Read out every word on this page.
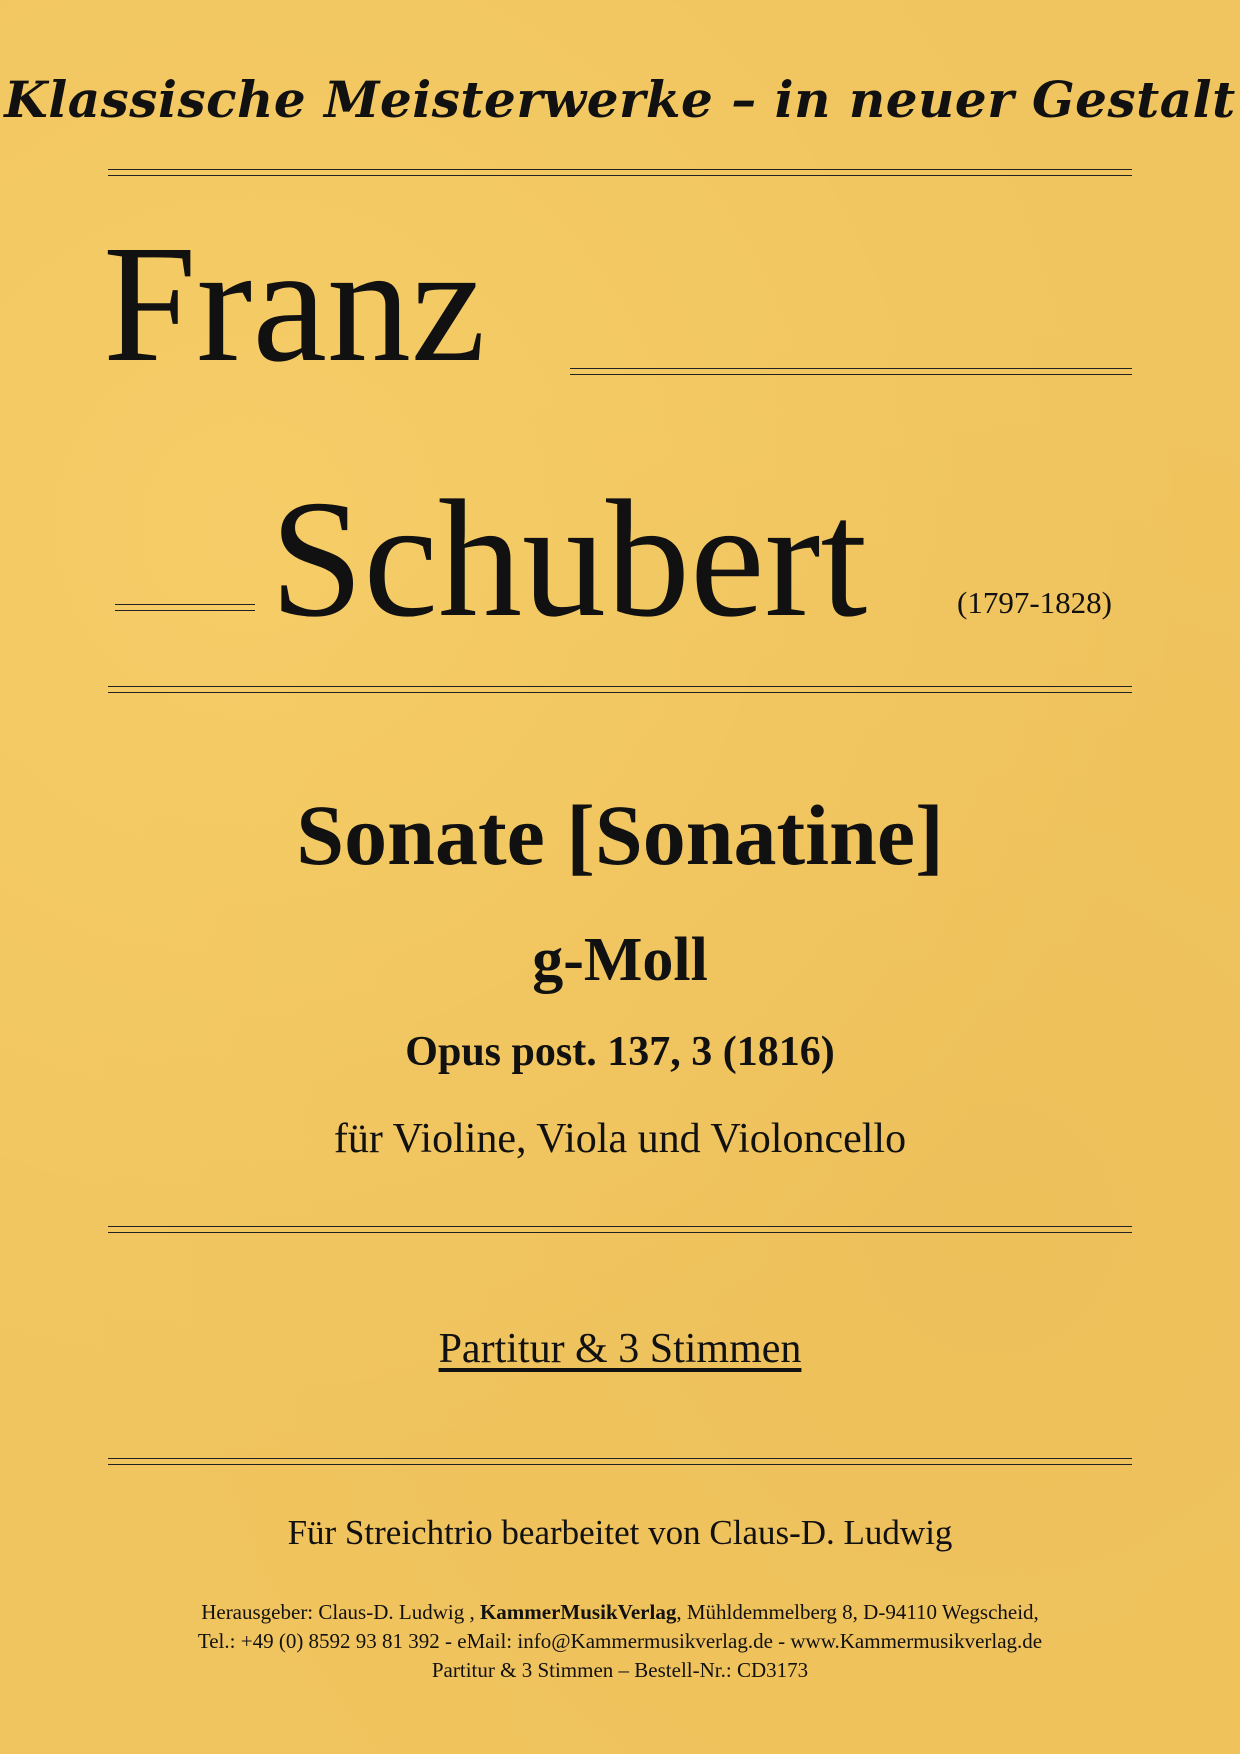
Klassische Meisterwerke – in neuer Gestalt
Franz
Schubert	(1797-1828)
Sonate [Sonatine]
g-Moll
Opus post. 137, 3 (1816)
für Violine, Viola und Violoncello
Partitur & 3 Stimmen
Für Streichtrio bearbeitet von Claus-D. Ludwig
Herausgeber: Claus-D. Ludwig , KammerMusikVerlag, Mühldemmelberg 8, D-94110 Wegscheid,
Tel.: +49 (0) 8592 93 81 392 - eMail: info@Kammermusikverlag.de - www.Kammermusikverlag.de
Partitur & 3 Stimmen – Bestell-Nr.: CD3173
